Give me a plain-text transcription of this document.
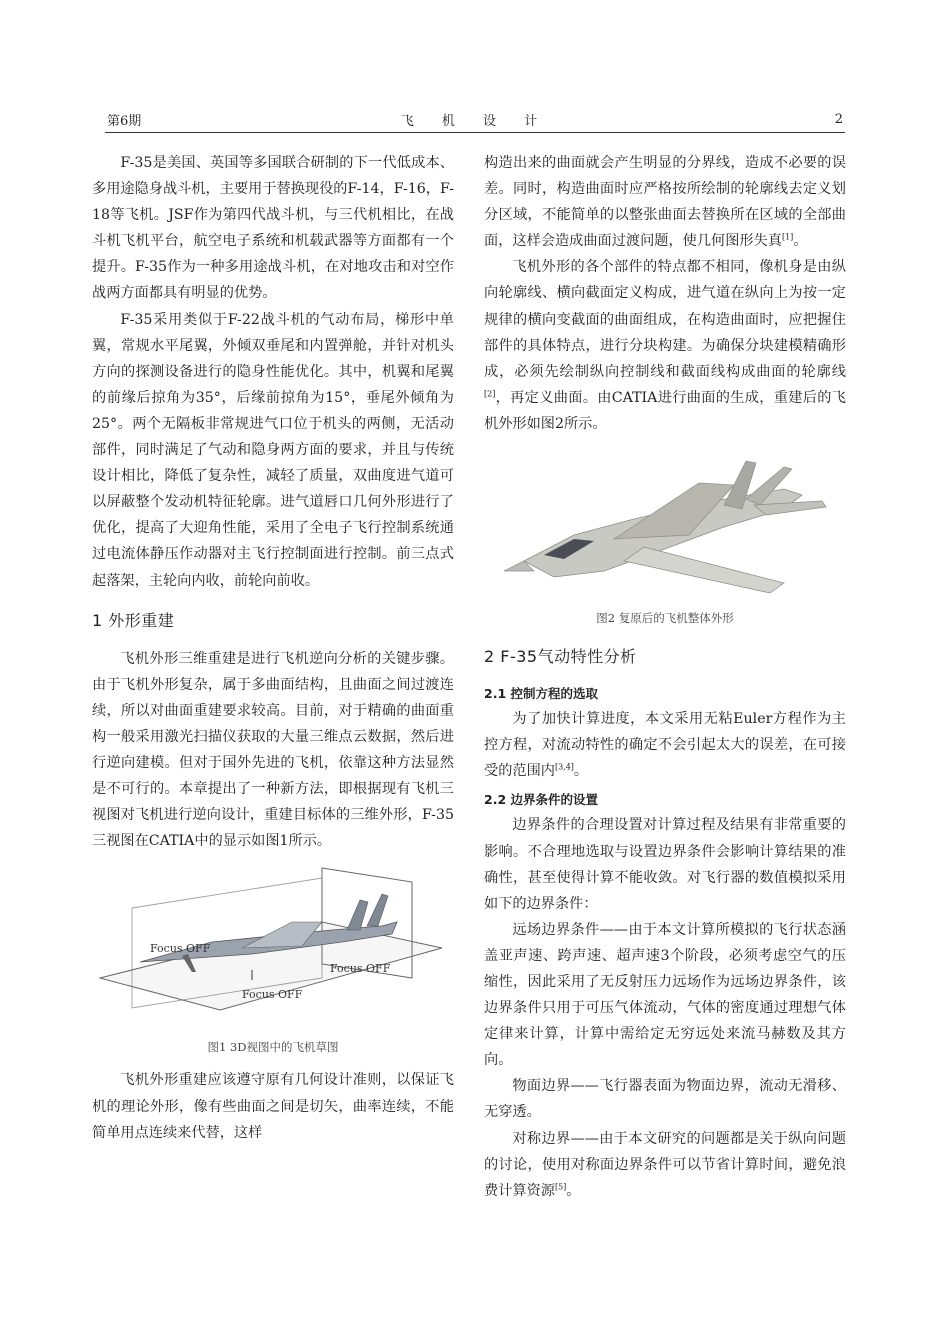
第6期	飞 机 设 计	2

F-35是美国、英国等多国联合研制的下一代低成本、多用途隐身战斗机，主要用于替换现役的F-14，F-16，F-18等飞机。JSF作为第四代战斗机，与三代机相比，在战斗机飞机平台，航空电子系统和机载武器等方面都有一个提升。F-35作为一种多用途战斗机，在对地攻击和对空作战两方面都具有明显的优势。

F-35采用类似于F-22战斗机的气动布局，梯形中单翼，常规水平尾翼，外倾双垂尾和内置弹舱，并针对机头方向的探测设备进行的隐身性能优化。其中，机翼和尾翼的前缘后掠角为35°，后缘前掠角为15°，垂尾外倾角为25°。两个无隔板非常规进气口位于机头的两侧，无活动部件，同时满足了气动和隐身两方面的要求，并且与传统设计相比，降低了复杂性，减轻了质量，双曲度进气道可以屏蔽整个发动机特征轮廓。进气道唇口几何外形进行了优化，提高了大迎角性能，采用了全电子飞行控制系统通过电流体静压作动器对主飞行控制面进行控制。前三点式起落架，主轮向内收，前轮向前收。

1 外形重建

飞机外形三维重建是进行飞机逆向分析的关键步骤。由于飞机外形复杂，属于多曲面结构，且曲面之间过渡连续，所以对曲面重建要求较高。目前，对于精确的曲面重构一般采用激光扫描仪获取的大量三维点云数据，然后进行逆向建模。但对于国外先进的飞机，依靠这种方法显然是不可行的。本章提出了一种新方法，即根据现有飞机三视图对飞机进行逆向设计，重建目标体的三维外形，F-35三视图在CATIA中的显示如图1所示。

Focus OFF
Focus OFF
Focus OFF
图1 3D视图中的飞机草图

飞机外形重建应该遵守原有几何设计准则，以保证飞机的理论外形，像有些曲面之间是切矢，曲率连续，不能简单用点连续来代替，这样

构造出来的曲面就会产生明显的分界线，造成不必要的误差。同时，构造曲面时应严格按所绘制的轮廓线去定义划分区域，不能简单的以整张曲面去替换所在区域的全部曲面，这样会造成曲面过渡问题，使几何图形失真[1]。

飞机外形的各个部件的特点都不相同，像机身是由纵向轮廓线、横向截面定义构成，进气道在纵向上为按一定规律的横向变截面的曲面组成，在构造曲面时，应把握住部件的具体特点，进行分块构建。为确保分块建模精确形成，必须先绘制纵向控制线和截面线构成曲面的轮廓线[2]，再定义曲面。由CATIA进行曲面的生成，重建后的飞机外形如图2所示。

图2 复原后的飞机整体外形
2 F-35气动特性分析
2.1 控制方程的选取

为了加快计算进度，本文采用无粘Euler方程作为主控方程，对流动特性的确定不会引起太大的误差，在可接受的范围内[3,4]。

2.2 边界条件的设置

边界条件的合理设置对计算过程及结果有非常重要的影响。不合理地选取与设置边界条件会影响计算结果的准确性，甚至使得计算不能收敛。对飞行器的数值模拟采用如下的边界条件：

远场边界条件——由于本文计算所模拟的飞行状态涵盖亚声速、跨声速、超声速3个阶段，必须考虑空气的压缩性，因此采用了无反射压力远场作为远场边界条件，该边界条件只用于可压气体流动，气体的密度通过理想气体定律来计算，计算中需给定无穷远处来流马赫数及其方向。

物面边界——飞行器表面为物面边界，流动无滑移、无穿透。

对称边界——由于本文研究的问题都是关于纵向问题的讨论，使用对称面边界条件可以节省计算时间，避免浪费计算资源[5]。
